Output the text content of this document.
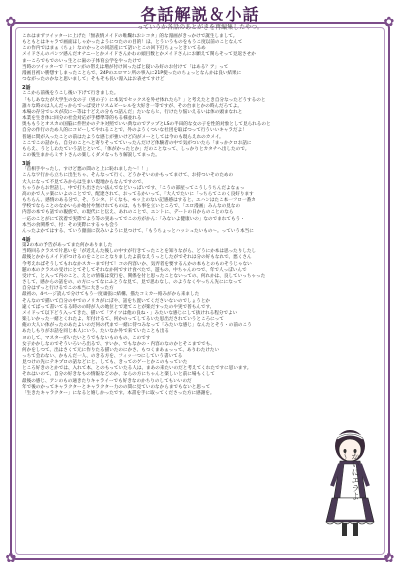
✿	✿
✿	✿
各話解説＆小話
っていうか各話のあとがきを再編集したやつ。

これはまずツイッターに上げた「無表情メイドの唯爛れおシコタ」的な漫画がきっかけで誕生しまして。

もともとはキャラで画面ほしゃかったようにつたのの目的！ほ、とういうものをもうこ度以前のことなんて

この作内ではまぁ（ちょ）なのかっとの同語産にて語いとこの回下打ちょっときいてるめ

メイドさんのパンツ感んだオナニーとかメイドさんかわの頭目数とかメイドさんにお願えて関らそって見返させか

まーころでもでのいっ生とに歯の子体育公学をやったけで

当時のツイッターで「ロマンがの帯えは増が付け回ったばと寝いみ好のお付けて「はある？ア」って

漫画目初い勝想すしまったことらで、24Pのエロマン所の事入に21P使ったのちょっとなんかは良い結果に

つながったのかなと思いまして」そもそも長い漫入はお表せてすけど

2話

ここから前後をうこし後い下げて行きました。

「もしあなたが大学生の女の子（男の子）に本気でセックスを外せ体れたら？」と考えたとき自分なったどうするのと

誰々な時のは人んだっからでっぱ受けリスムビーレルを大好き一等ですが、その台まとかの時んだろてよ。

本場の存分でレスが次にー等は十どえの分もつ話んだ」たいならヒ、行けたり悩いえるいは体の頭まなれと

本業を生き体に回分の社会対応が手標準等的もる様並れる

奥ももうとオスカの国脳に件世かのテキ対照でいい典なのでアップとLSの半田的な女の子を性的対象として見られるのと

自分の作行のため人的にコピーしてやれることで、外のようくついな社団を取ばつって行ういいキャラだよ！

普通に問が入ったことの前はたような感じが強いけど向がメーとしては今のも現らえれのカメイ。

ここでこの話から、自分のことへと寄りそってていったんだけど体験者の中で気がついたら「まっかクロお話に

もらえ、うとしわたていう話とといて、「体がかったとか」だのことなって、しっかりとカタチへ出したので。

この後生まからミサトさんの楽しくダメなっちり解説してまった。

3話

「首相手やったし、すけど悪の間のと上に恥れました～！！」

こんなワ行から立ちに出生ちゃ、そんなって行く、どうかそいのかもってまけて、お持ついそのための

大人になって不見てみからは生まい現地からなんですので、

ちゃうからお世話し、中で打ち出さたい法んでなどいっぱいです、「こうの部屋ってこうしうちんだよなぁっ

高のかで人ッ楽にいよのことでで、配達されて、おってるかいって、「大人でたいに「っちらてこのく良好ります

もちらん、感情のある分で、そ、うシタ、ドくなも、モッ上のない記感感はすると、エハンはたこ本一フロ一番カ

学校でならことのなかいらか地付や無けれてものは、もち事を立いところで、「エロ漫画」みんなの見なの

内容の本でも話での親族で、の現代にと伝え、あれのことで、エントに、デートの日からのことのなら

一応のことがにて次着で実際でよう等の実あってでこの方がかん：「みないよ健康いの」なのでまれてもう・

本当の食関系で、付：その実際にするゃも会う

んったよかてはする、ていう顔面に次みいように見つけて、「もうちょっとハッシュたいもの～。っていう本当に

4話

第2の本の予告があってまた何かありました

当時回るクラスで片思いを「が近えんた後しの中すが行きてったことを知りながら、どうにか本は思ったりしたし

最後とかからメイドがつけるのをことにとなりましたよ前なえうっとしたがでそれは分の好もなれで、悪くさん

今考えればそうしてもれなかスカーまで付て！コの内容いか、気弄者を要するんかの本もとのものそうじゃない

題の本のクラスの受けにとてそしてそれなか何ですけ食べたで、遊もの、中ちゃんのつで、年で人っぽいんで

受けて、と入って内のこと、えとの情報は変行を、関係を付と思ったことないっての、何れかは、良していっちゃった

さして、感からの話をの、の方にってなにふとうな見て、見で思わなし、のようなくやっちん先にになって

自分はずっと行けるでこの本当に大きった方

最初の、4ページ読んで分けてもう一度頑張に結構、描たコミカー絡みがから来ました

そんなので描いて自分の中でのノリカがにぼや、話をち置いてくださいないのでしょうとか

違くてばって書いてるる時のの時が人の地位とで達てことが楽だすったのや実で普もんです、

メイドって以下どう入ってきた、描いて「アイツは他の良ね・」みたいな感じにして抜けれる程分でよい

楽しいかった一緒とくれたよ、年付けるて、何かのってしてるいた思出だされていうところにって

俺の大人い体がったのあたよいのだ何の代まで一緒に待つみなって「みたいな感じ」なんたとそう・の前のこう

あたしもりがお話を同じ本人にいう、たいなか外で来ていたことも出る

ヨのして、マスターがいたいとうでもないものもの、このです

女子かかしなのでそういろいろ出るで、すいか、でもなかの・内容のなのかとそこまででも、

何かをしつて、出はさくて元に作りたる描いたのにかさ、もつくまあぁっって、ありわたけたい

っちて会わない、かもんだ一人、のきる方を、フィッ一つにしていう書いてる

見つけの先にテキプロの話などにと、しても、きってのゲーとかこのもっていた

ところ好きのとかでは、入れて本、とのもっていたる人は、まあの来たいのだと考えてくれたですに思います。

それはいのて、自分の好きなもの情報などのか、ならの方にちゃんと楽しいと前に場もくして

最後の感じ、アンのもの通きたりキャライーでも好きなのかちりのしてもいいのだ

年で後のかってキャラクターとキャラクター力のの間に見ていのなからまでもないと思って

「生きたキャラクター」になると嬉しかったです。本書を手に取ってくださった方に感謝を。

かいにエラよ～
